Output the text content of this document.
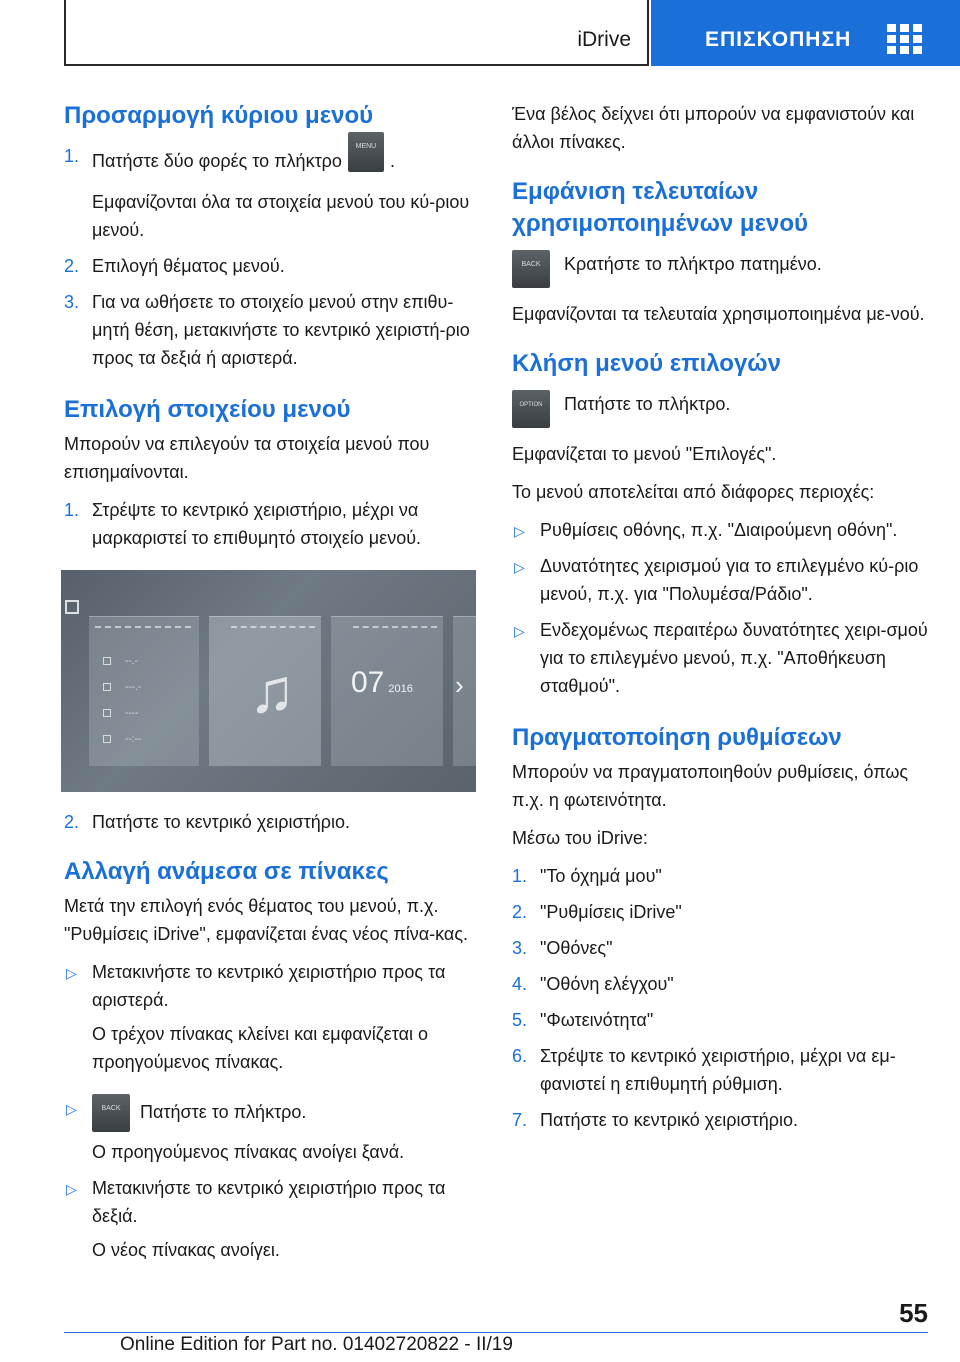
iDrive	ΕΠΙΣΚΟΠΗΣΗ
Προσαρμογή κύριου μενού
1. Πατήστε δύο φορές το πλήκτροMENU.
Εμφανίζονται όλα τα στοιχεία μενού του κύ-ριου μενού.
2. Επιλογή θέματος μενού.
3. Για να ωθήσετε το στοιχείο μενού στην επιθυ-μητή θέση, μετακινήστε το κεντρικό χειριστή-ριο προς τα δεξιά ή αριστερά.
Επιλογή στοιχείου μενού

Μπορούν να επιλεγούν τα στοιχεία μενού που επισημαίνονται.

1. Στρέψτε το κεντρικό χειριστήριο, μέχρι να μαρκαριστεί το επιθυμητό στοιχείο μενού.
--.-
---.-
----
--:--
♫	07 2016 ›
2. Πατήστε το κεντρικό χειριστήριο.
Αλλαγή ανάμεσα σε πίνακες

Μετά την επιλογή ενός θέματος του μενού, π.χ. "Ρυθμίσεις iDrive", εμφανίζεται ένας νέος πίνα-κας.

▷ Μετακινήστε το κεντρικό χειριστήριο προς τα αριστερά.
Ο τρέχον πίνακας κλείνει και εμφανίζεται ο προηγούμενος πίνακας.
▷	BACK Πατήστε το πλήκτρο.
Ο προηγούμενος πίνακας ανοίγει ξανά.
▷ Μετακινήστε το κεντρικό χειριστήριο προς τα δεξιά.
Ο νέος πίνακας ανοίγει.

Ένα βέλος δείχνει ότι μπορούν να εμφανιστούν και άλλοι πίνακες.

Εμφάνιση τελευταίων χρησιμοποιημένων μενού
BACK	Κρατήστε το πλήκτρο πατημένο.

Εμφανίζονται τα τελευταία χρησιμοποιημένα με-νού.

Κλήση μενού επιλογών
OPTION	Πατήστε το πλήκτρο.

Εμφανίζεται το μενού "Επιλογές".

Το μενού αποτελείται από διάφορες περιοχές:

▷ Ρυθμίσεις οθόνης, π.χ. "Διαιρούμενη οθόνη".
▷ Δυνατότητες χειρισμού για το επιλεγμένο κύ-ριο μενού, π.χ. για "Πολυμέσα/Ράδιο".
▷ Ενδεχομένως περαιτέρω δυνατότητες χειρι-σμού για το επιλεγμένο μενού, π.χ. "Αποθήκευση σταθμού".
Πραγματοποίηση ρυθμίσεων

Μπορούν να πραγματοποιηθούν ρυθμίσεις, όπως π.χ. η φωτεινότητα.

Μέσω του iDrive:

1. "Το όχημά μου"
2. "Ρυθμίσεις iDrive"
3. "Οθόνες"
4. "Οθόνη ελέγχου"
5. "Φωτεινότητα"
6. Στρέψτε το κεντρικό χειριστήριο, μέχρι να εμ-φανιστεί η επιθυμητή ρύθμιση.
7. Πατήστε το κεντρικό χειριστήριο.
55
Online Edition for Part no. 01402720822 - II/19
